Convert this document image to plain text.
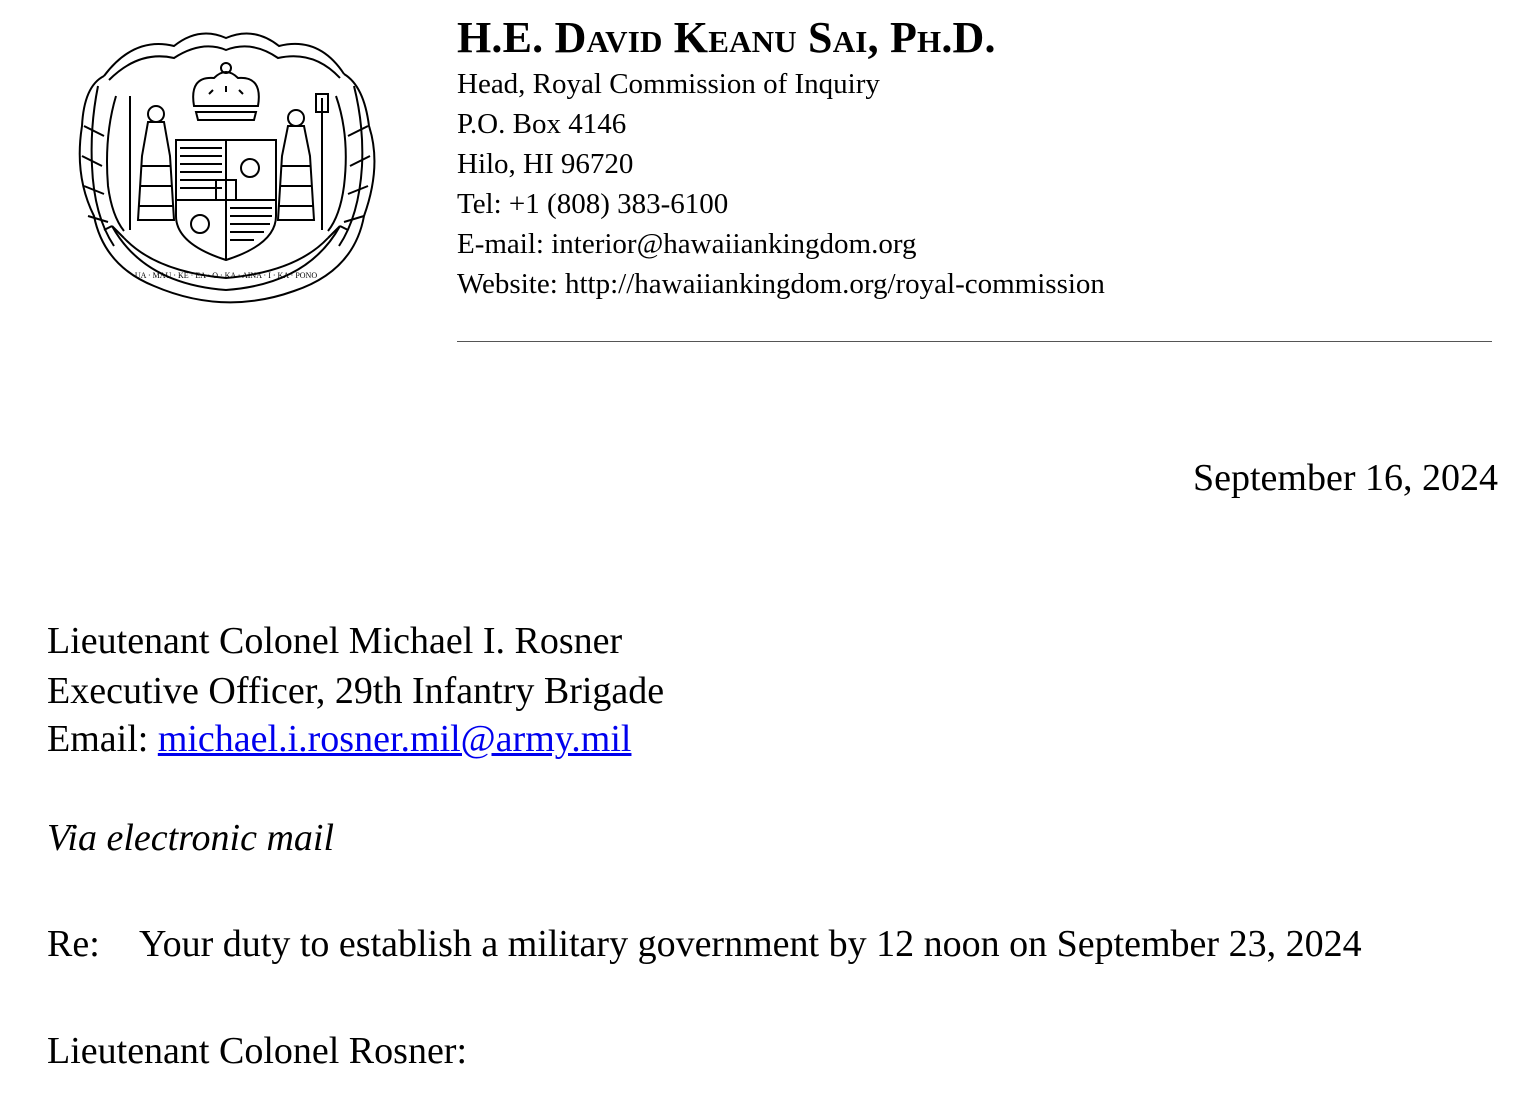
UA · MAU · KE · EA · O · KA · AINA · I · KA · PONO
H.E. David Keanu Sai, Ph.D.
Head, Royal Commission of Inquiry
P.O. Box 4146
Hilo, HI 96720
Tel: +1 (808) 383-6100
E-mail: interior@hawaiiankingdom.org
Website: http://hawaiiankingdom.org/royal-commission
September 16, 2024
Lieutenant Colonel Michael I. Rosner
Executive Officer, 29th Infantry Brigade
Email: michael.i.rosner.mil@army.mil
Via electronic mail
Re: Your duty to establish a military government by 12 noon on September 23, 2024
Lieutenant Colonel Rosner:
